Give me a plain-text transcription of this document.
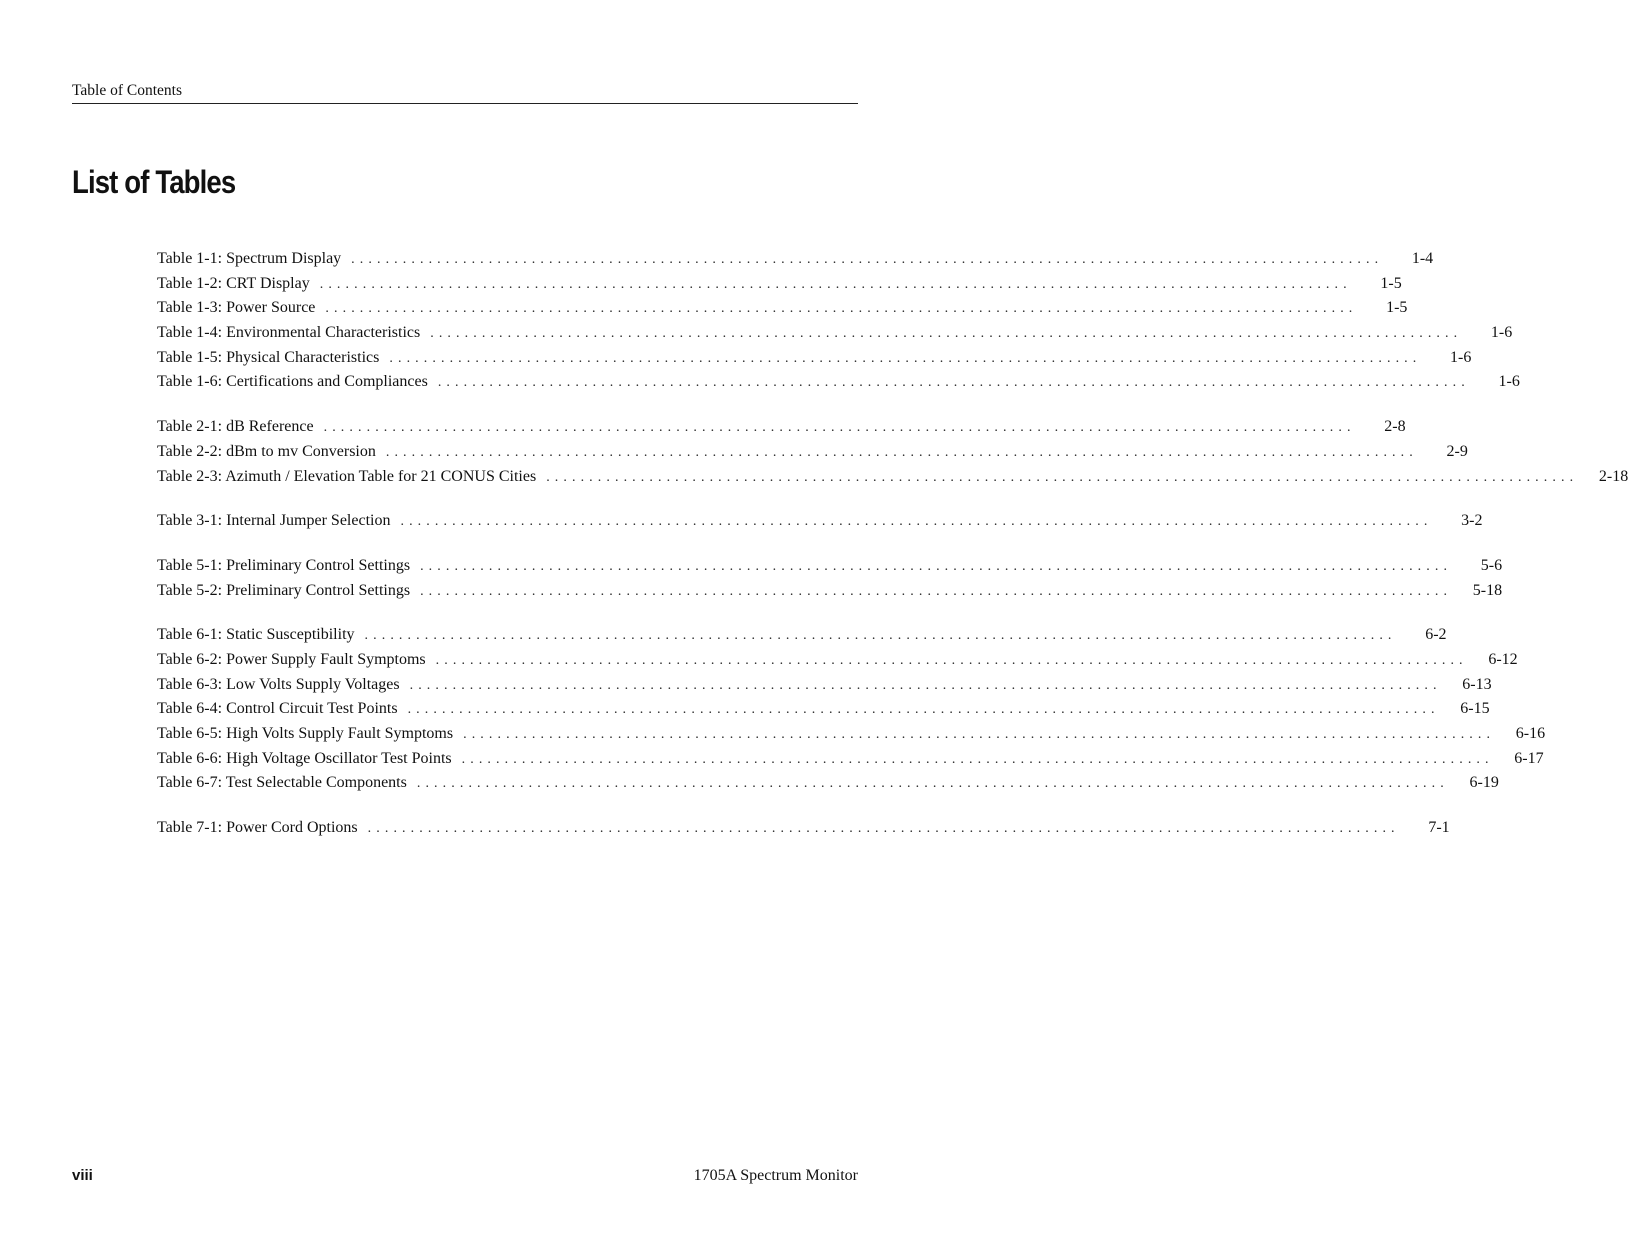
Table of Contents
List of Tables
Table 1-1: Spectrum Display ........................................................................................................................	1-4
Table 1-2: CRT Display ........................................................................................................................	1-5
Table 1-3: Power Source ........................................................................................................................	1-5
Table 1-4: Environmental Characteristics ........................................................................................................................	1-6
Table 1-5: Physical Characteristics ........................................................................................................................	1-6
Table 1-6: Certifications and Compliances ........................................................................................................................	1-6
Table 2-1: dB Reference ........................................................................................................................	2-8
Table 2-2: dBm to mv Conversion ........................................................................................................................	2-9
Table 2-3: Azimuth / Elevation Table for 21 CONUS Cities ........................................................................................................................	2-18
Table 3-1: Internal Jumper Selection ........................................................................................................................	3-2
Table 5-1: Preliminary Control Settings ........................................................................................................................	5-6
Table 5-2: Preliminary Control Settings ........................................................................................................................	5-18
Table 6-1: Static Susceptibility ........................................................................................................................	6-2
Table 6-2: Power Supply Fault Symptoms ........................................................................................................................	6-12
Table 6-3: Low Volts Supply Voltages ........................................................................................................................	6-13
Table 6-4: Control Circuit Test Points ........................................................................................................................	6-15
Table 6-5: High Volts Supply Fault Symptoms ........................................................................................................................	6-16
Table 6-6: High Voltage Oscillator Test Points ........................................................................................................................	6-17
Table 6-7: Test Selectable Components ........................................................................................................................	6-19
Table 7-1: Power Cord Options ........................................................................................................................	7-1
viii	1705A Spectrum Monitor
